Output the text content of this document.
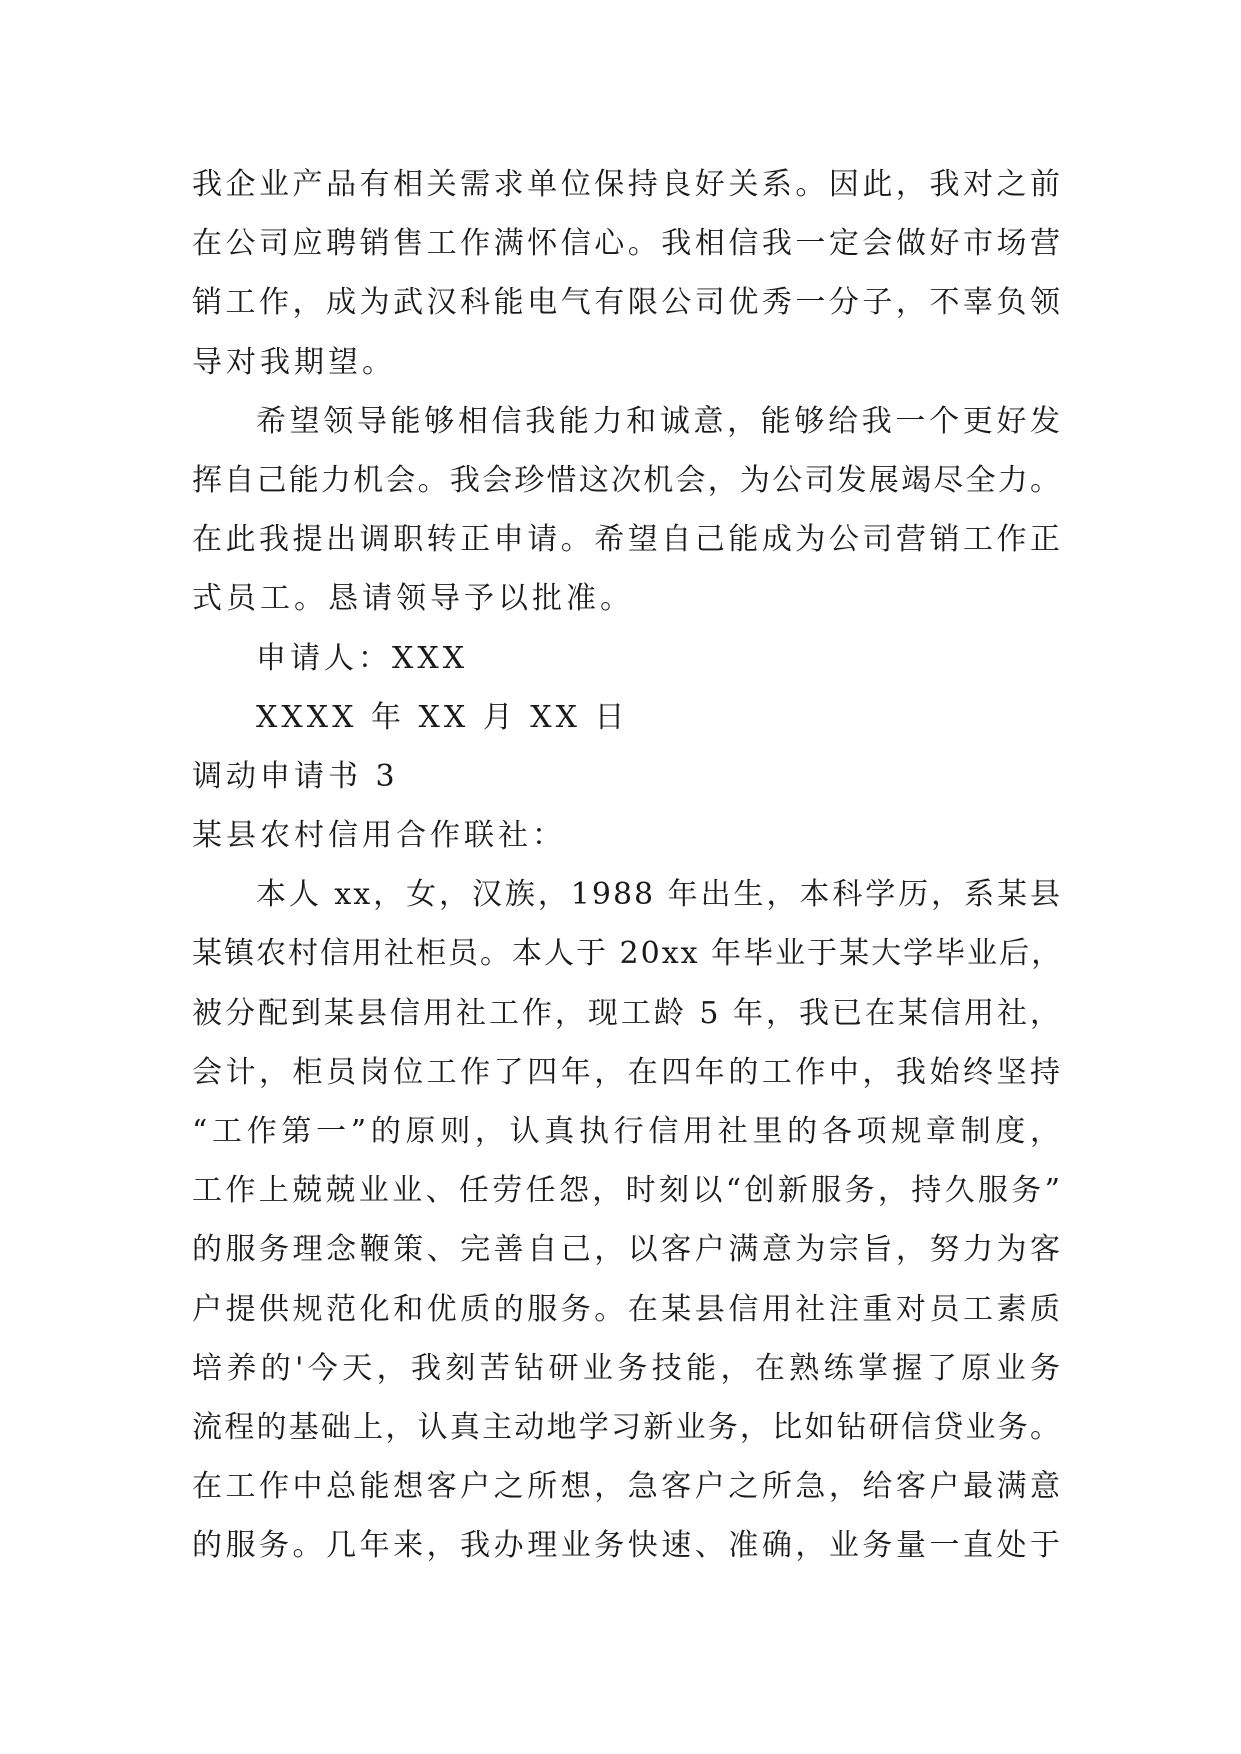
我企业产品有相关需求单位保持良好关系。因此，我对之前
在公司应聘销售工作满怀信心。我相信我一定会做好市场营
销工作，成为武汉科能电气有限公司优秀一分子，不辜负领
导对我期望。
希望领导能够相信我能力和诚意，能够给我一个更好发
挥自己能力机会。我会珍惜这次机会，为公司发展竭尽全力。
在此我提出调职转正申请。希望自己能成为公司营销工作正
式员工。恳请领导予以批准。
申请人：XXX
XXXX 年 XX 月 XX 日
调动申请书 3
某县农村信用合作联社：
本人 xx，女，汉族，1988 年出生，本科学历，系某县
某镇农村信用社柜员。本人于 20xx 年毕业于某大学毕业后，
被分配到某县信用社工作，现工龄 5 年，我已在某信用社，
会计，柜员岗位工作了四年，在四年的工作中，我始终坚持
“工作第一”的原则，认真执行信用社里的各项规章制度，
工作上兢兢业业、任劳任怨，时刻以“创新服务，持久服务”
的服务理念鞭策、完善自己，以客户满意为宗旨，努力为客
户提供规范化和优质的服务。在某县信用社注重对员工素质
培养的'今天，我刻苦钻研业务技能，在熟练掌握了原业务
流程的基础上，认真主动地学习新业务，比如钻研信贷业务。
在工作中总能想客户之所想，急客户之所急，给客户最满意
的服务。几年来，我办理业务快速、准确，业务量一直处于
